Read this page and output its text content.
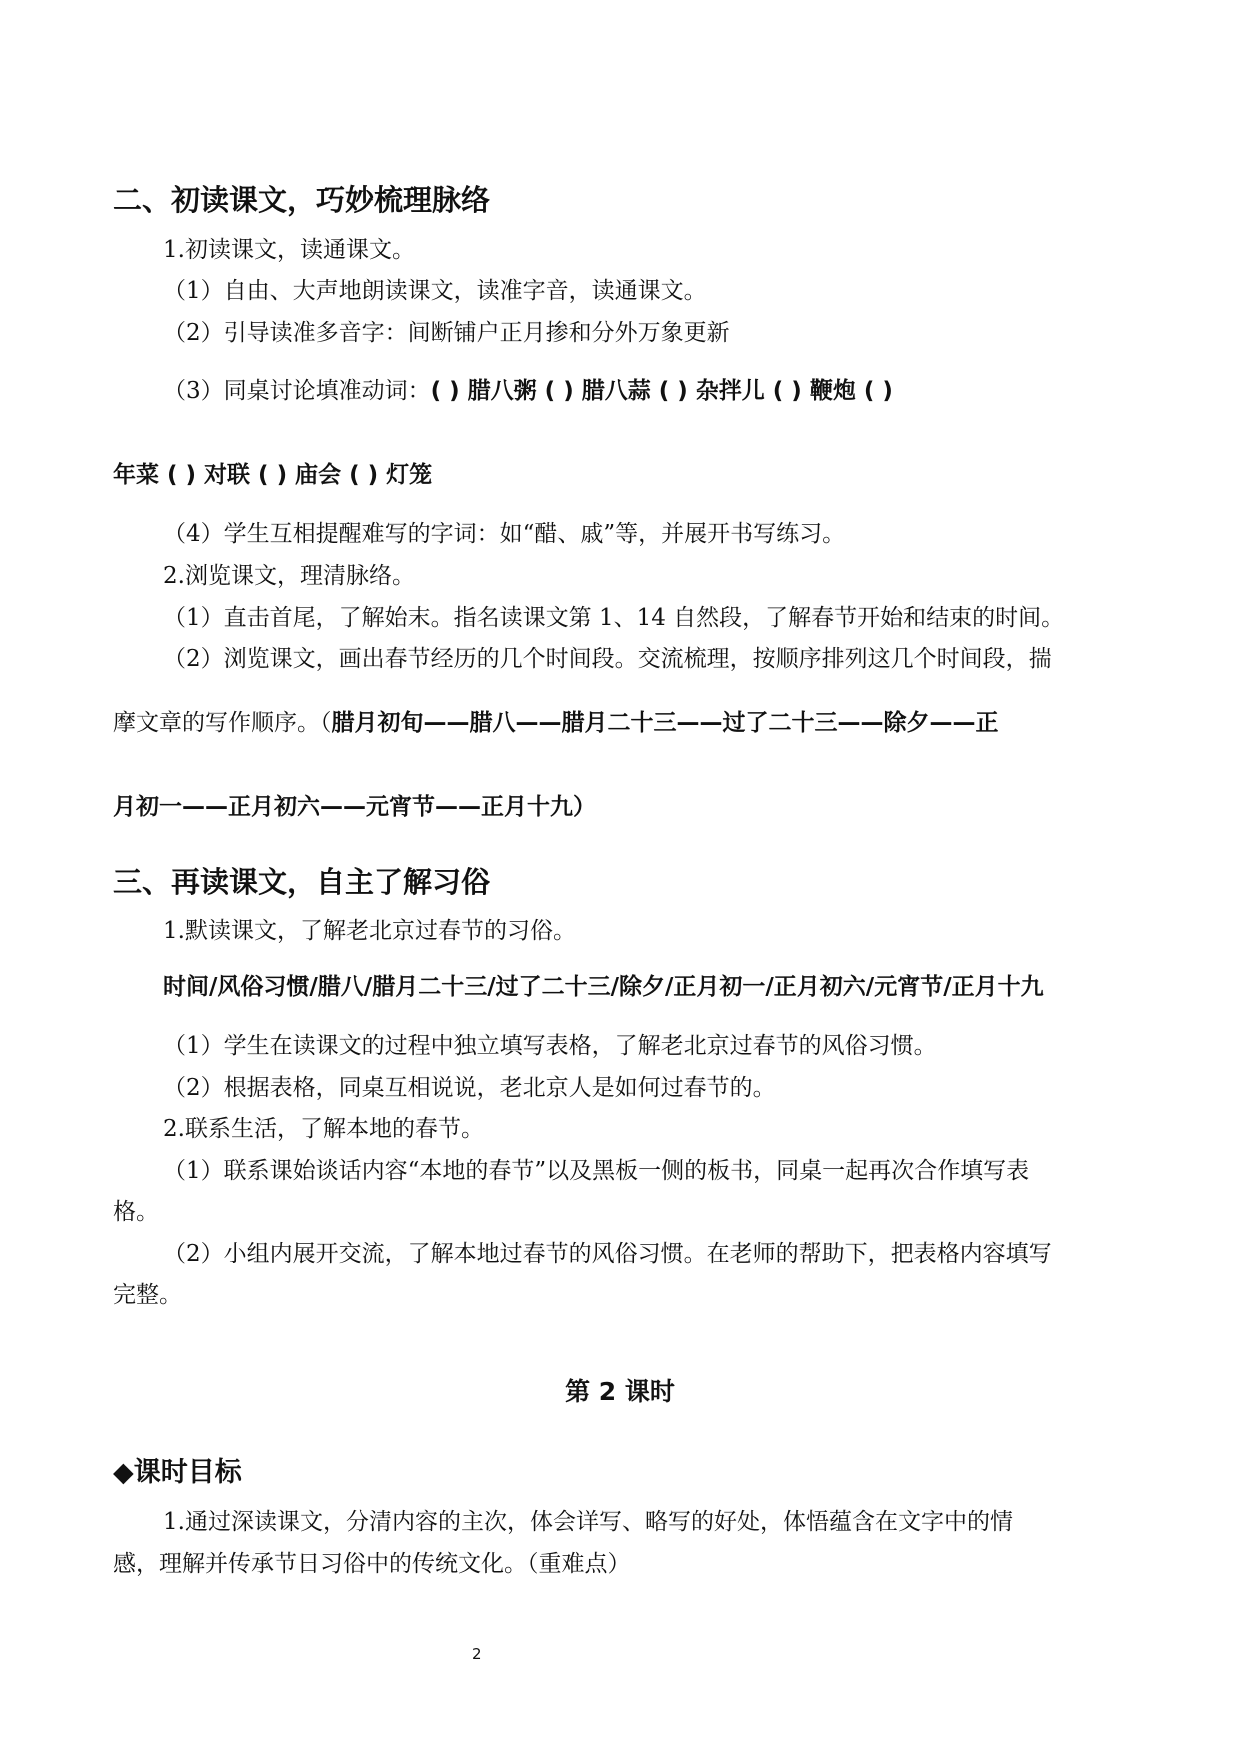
二、初读课文，巧妙梳理脉络
1.初读课文，读通课文。
（1）自由、大声地朗读课文，读准字音，读通课文。
（2）引导读准多音字：间断铺户正月掺和分外万象更新
（3）同桌讨论填准动词：( ) 腊八粥 ( ) 腊八蒜 ( ) 杂拌儿 ( ) 鞭炮 ( )
年菜 ( ) 对联 ( ) 庙会 ( ) 灯笼
（4）学生互相提醒难写的字词：如“醋、戚”等，并展开书写练习。
2.浏览课文，理清脉络。
（1）直击首尾，了解始末。指名读课文第 1、14 自然段，了解春节开始和结束的时间。
（2）浏览课文，画出春节经历的几个时间段。交流梳理，按顺序排列这几个时间段，揣
摩文章的写作顺序。（腊月初旬——腊八——腊月二十三——过了二十三——除夕——正
月初一——正月初六——元宵节——正月十九）
三、再读课文，自主了解习俗
1.默读课文，了解老北京过春节的习俗。
时间/风俗习惯/腊八/腊月二十三/过了二十三/除夕/正月初一/正月初六/元宵节/正月十九
（1）学生在读课文的过程中独立填写表格，了解老北京过春节的风俗习惯。
（2）根据表格，同桌互相说说，老北京人是如何过春节的。
2.联系生活，了解本地的春节。
（1）联系课始谈话内容“本地的春节”以及黑板一侧的板书，同桌一起再次合作填写表
格。
（2）小组内展开交流，了解本地过春节的风俗习惯。在老师的帮助下，把表格内容填写
完整。
第 2 课时
◆课时目标
1.通过深读课文，分清内容的主次，体会详写、略写的好处，体悟蕴含在文字中的情
感，理解并传承节日习俗中的传统文化。（重难点）
2
